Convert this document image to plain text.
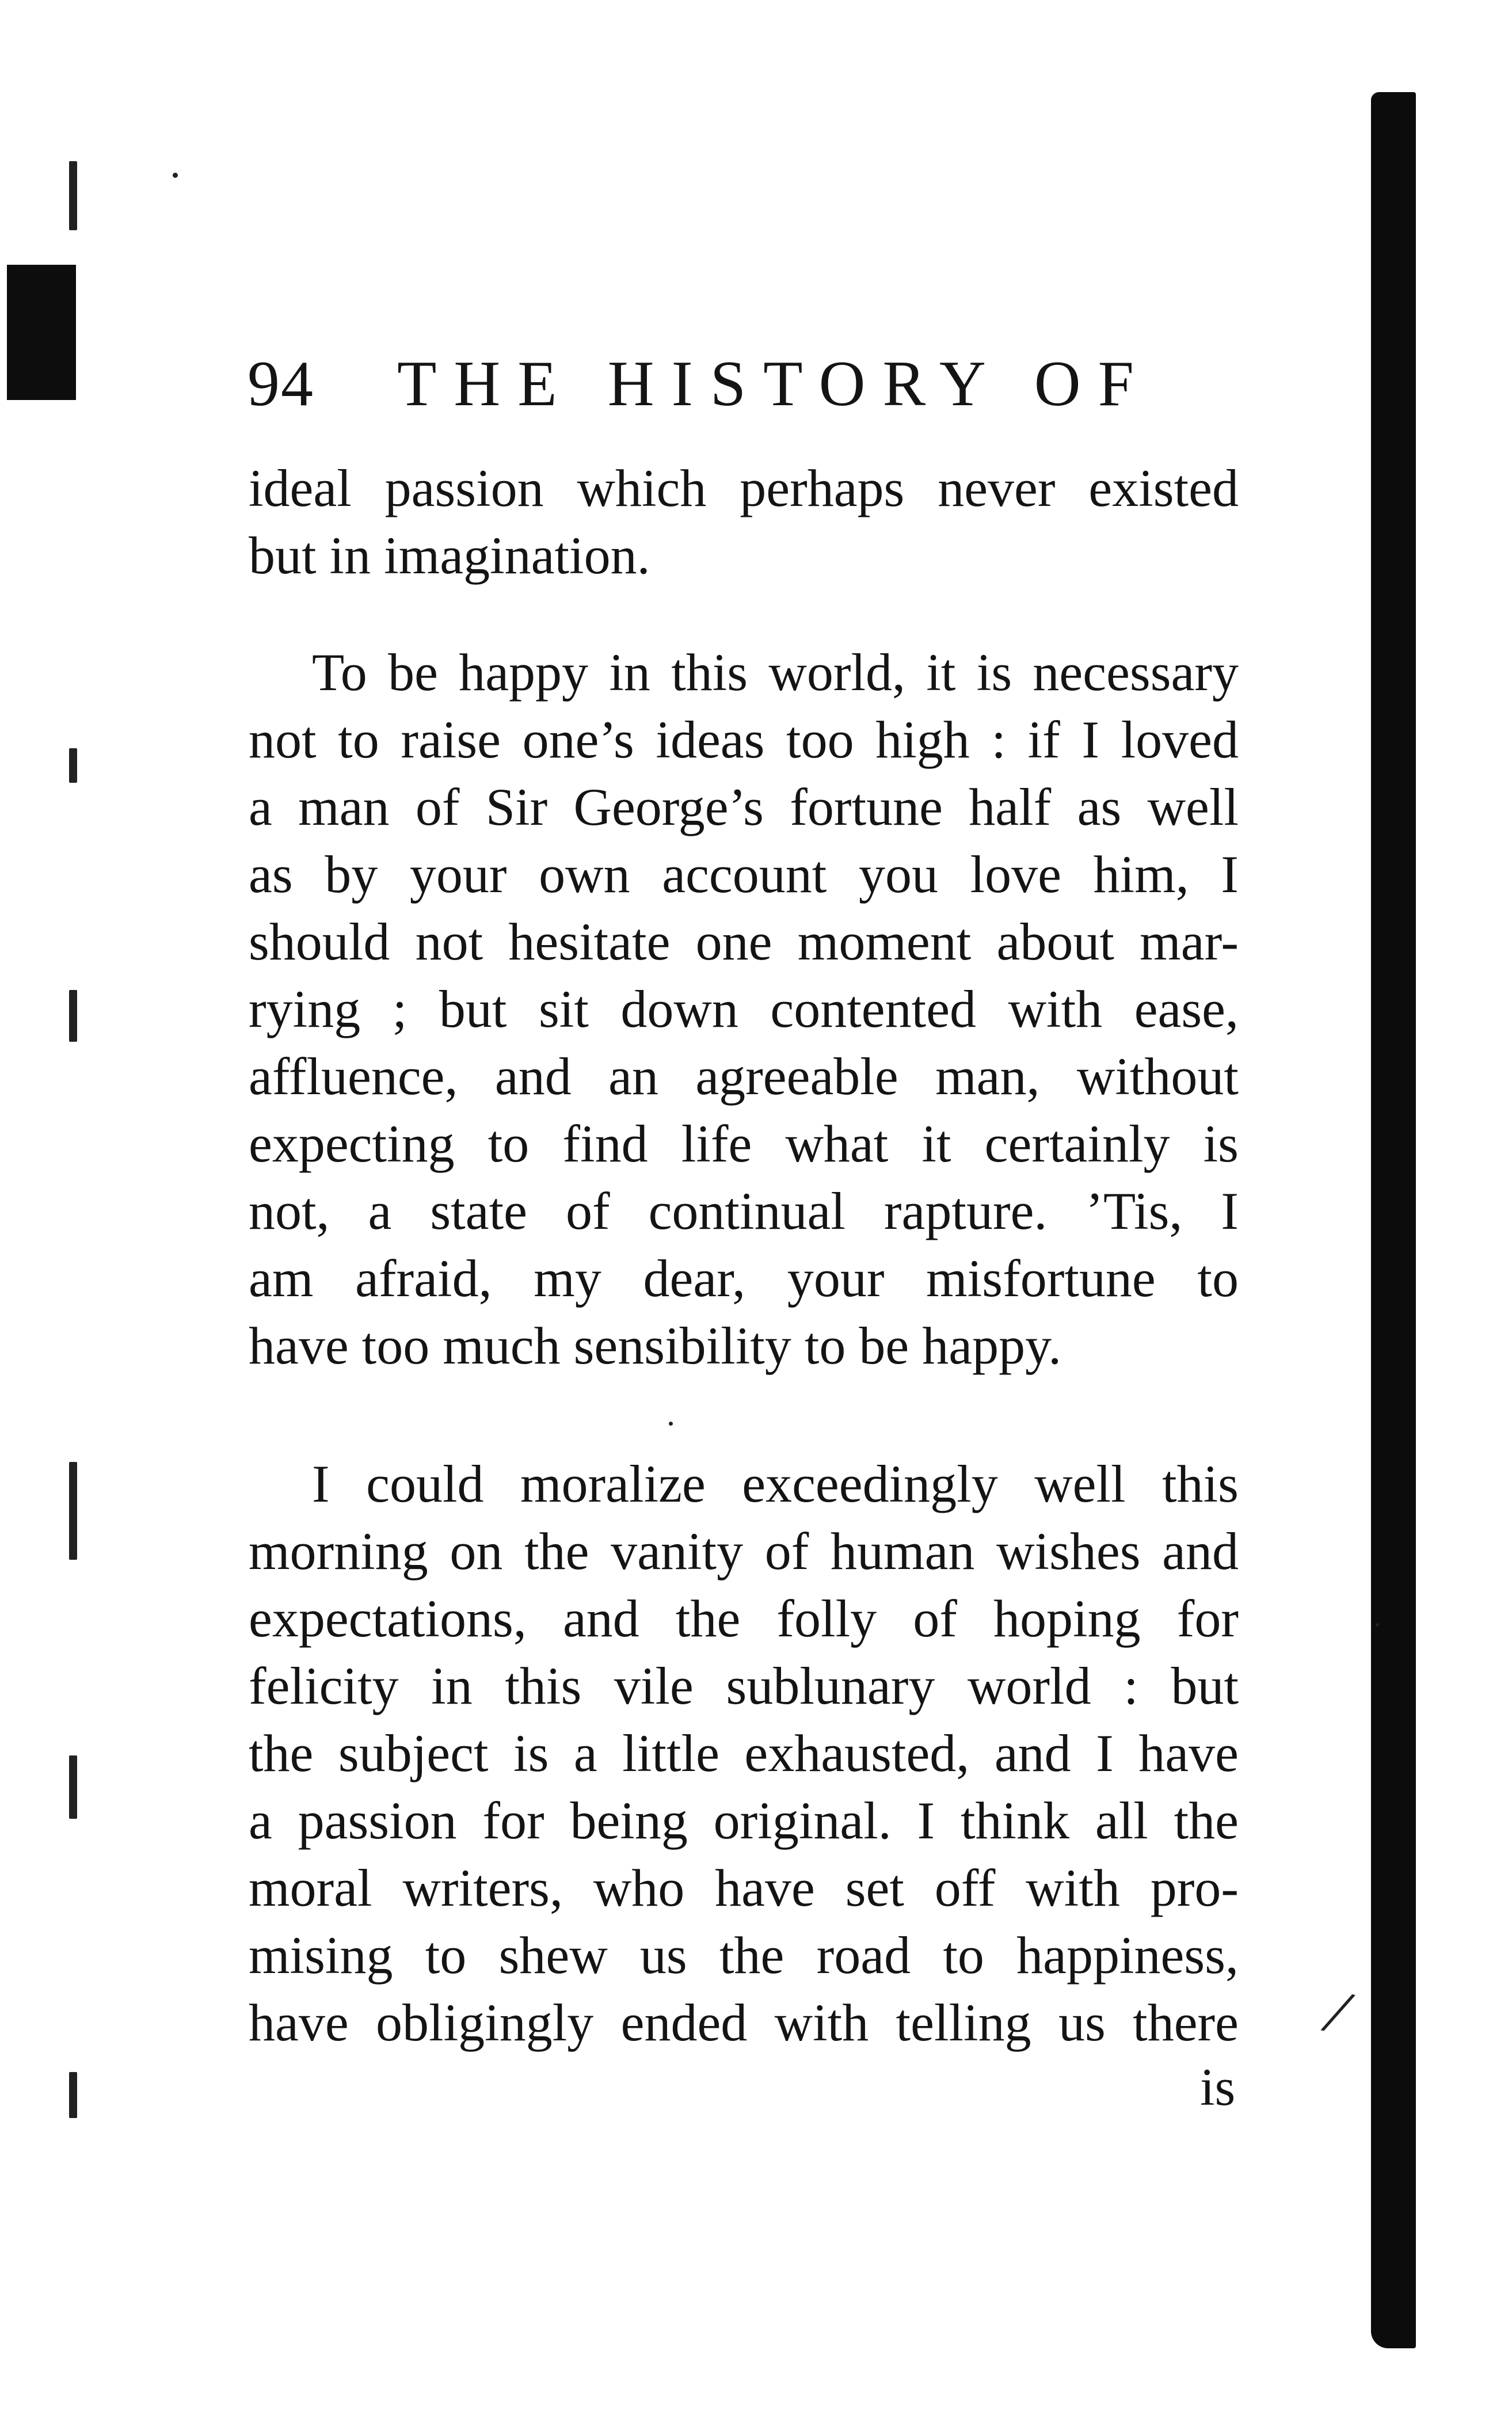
/
94 THE HISTORY OF
ideal passion which perhaps never existed
but in imagination.
To be happy in this world, it is necessary
not to raise one’s ideas too high : if I loved
a man of Sir George’s fortune half as well
as by your own account you love him, I
should not hesitate one moment about mar-
rying ; but sit down contented with ease,
affluence, and an agreeable man, without
expecting to find life what it certainly is
not, a state of continual rapture. ’Tis, I
am afraid, my dear, your misfortune to
have too much sensibility to be happy.
I could moralize exceedingly well this
morning on the vanity of human wishes and
expectations, and the folly of hoping for
felicity in this vile sublunary world : but
the subject is a little exhausted, and I have
a passion for being original. I think all the
moral writers, who have set off with pro-
mising to shew us the road to happiness,
have obligingly ended with telling us there
is
